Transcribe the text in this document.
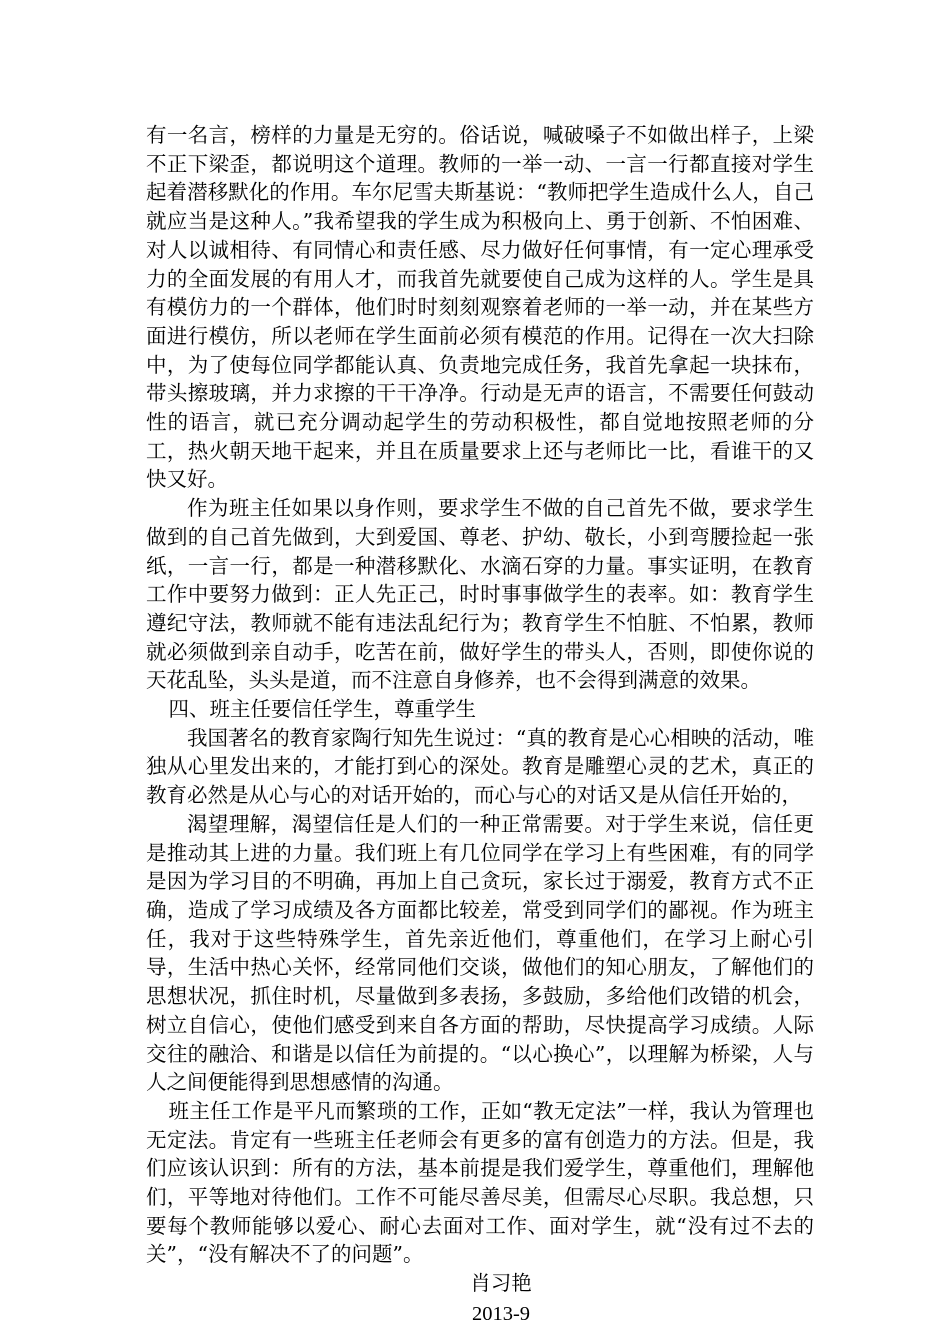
有一名言，榜样的力量是无穷的。俗话说，喊破嗓子不如做出样子，上梁不正下梁歪，都说明这个道理。教师的一举一动、一言一行都直接对学生起着潜移默化的作用。车尔尼雪夫斯基说：“教师把学生造成什么人，自己就应当是这种人。”我希望我的学生成为积极向上、勇于创新、不怕困难、对人以诚相待、有同情心和责任感、尽力做好任何事情，有一定心理承受力的全面发展的有用人才，而我首先就要使自己成为这样的人。学生是具有模仿力的一个群体，他们时时刻刻观察着老师的一举一动，并在某些方面进行模仿，所以老师在学生面前必须有模范的作用。记得在一次大扫除中，为了使每位同学都能认真、负责地完成任务，我首先拿起一块抹布，带头擦玻璃，并力求擦的干干净净。行动是无声的语言，不需要任何鼓动性的语言，就已充分调动起学生的劳动积极性，都自觉地按照老师的分工，热火朝天地干起来，并且在质量要求上还与老师比一比，看谁干的又快又好。

作为班主任如果以身作则，要求学生不做的自己首先不做，要求学生做到的自己首先做到，大到爱国、尊老、护幼、敬长，小到弯腰捡起一张纸，一言一行，都是一种潜移默化、水滴石穿的力量。事实证明，在教育工作中要努力做到：正人先正己，时时事事做学生的表率。如：教育学生遵纪守法，教师就不能有违法乱纪行为；教育学生不怕脏、不怕累，教师就必须做到亲自动手，吃苦在前，做好学生的带头人，否则，即使你说的天花乱坠，头头是道，而不注意自身修养，也不会得到满意的效果。

四、班主任要信任学生，尊重学生

我国著名的教育家陶行知先生说过：“真的教育是心心相映的活动，唯独从心里发出来的，才能打到心的深处。教育是雕塑心灵的艺术，真正的教育必然是从心与心的对话开始的，而心与心的对话又是从信任开始的，

渴望理解，渴望信任是人们的一种正常需要。对于学生来说，信任更是推动其上进的力量。我们班上有几位同学在学习上有些困难，有的同学是因为学习目的不明确，再加上自己贪玩，家长过于溺爱，教育方式不正确，造成了学习成绩及各方面都比较差，常受到同学们的鄙视。作为班主任，我对于这些特殊学生，首先亲近他们，尊重他们，在学习上耐心引导，生活中热心关怀，经常同他们交谈，做他们的知心朋友，了解他们的思想状况，抓住时机，尽量做到多表扬，多鼓励，多给他们改错的机会，树立自信心，使他们感受到来自各方面的帮助，尽快提高学习成绩。人际交往的融洽、和谐是以信任为前提的。“以心换心”，以理解为桥梁，人与人之间便能得到思想感情的沟通。

班主任工作是平凡而繁琐的工作，正如“教无定法”一样，我认为管理也无定法。肯定有一些班主任老师会有更多的富有创造力的方法。但是，我们应该认识到：所有的方法，基本前提是我们爱学生，尊重他们，理解他们，平等地对待他们。工作不可能尽善尽美，但需尽心尽职。我总想，只要每个教师能够以爱心、耐心去面对工作、面对学生，就“没有过不去的关”，“没有解决不了的问题”。

肖习艳

2013-9
